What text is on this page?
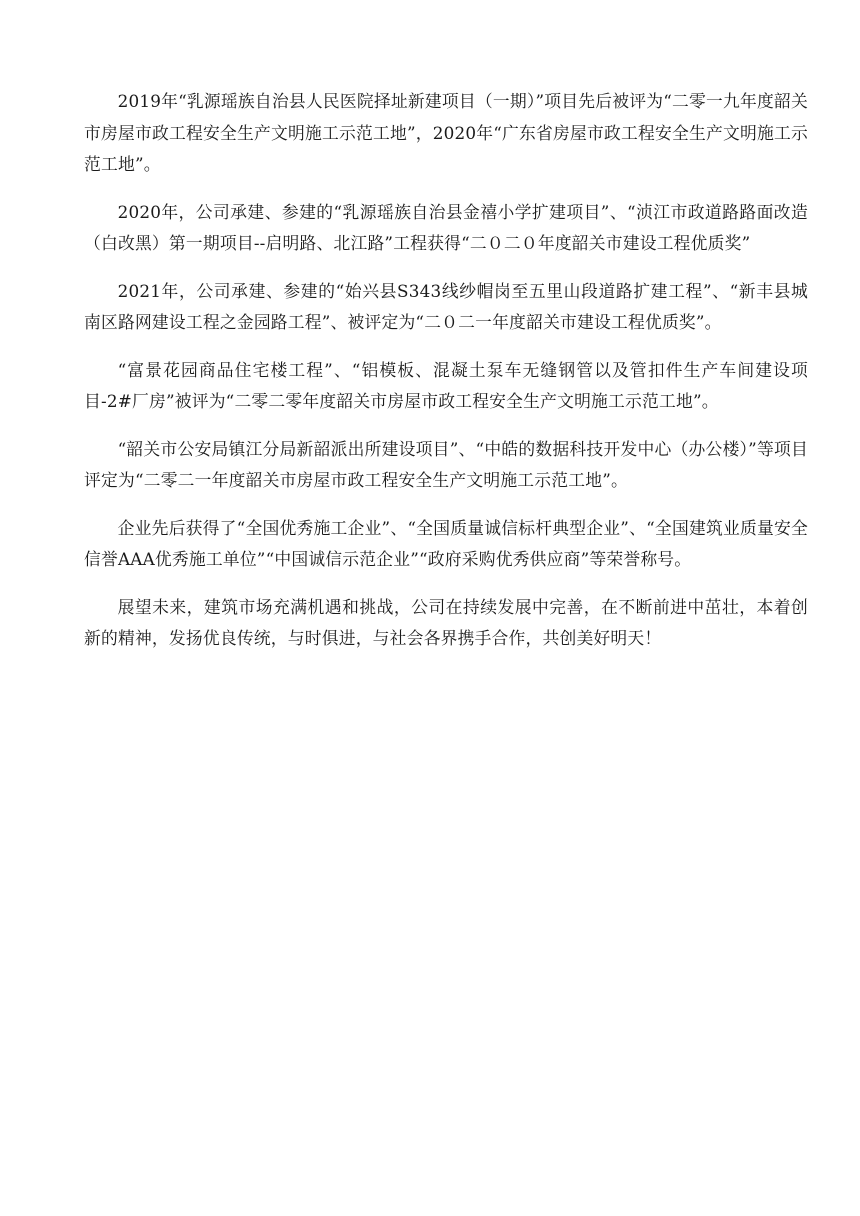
2019年“乳源瑶族自治县人民医院择址新建项目（一期）”项目先后被评为“二零一九年度韶关市房屋市政工程安全生产文明施工示范工地”，2020年“广东省房屋市政工程安全生产文明施工示范工地”。

2020年，公司承建、参建的“乳源瑶族自治县金禧小学扩建项目”、“浈江市政道路路面改造（白改黑）第一期项目--启明路、北江路”工程获得“二０二０年度韶关市建设工程优质奖”

2021年，公司承建、参建的“始兴县S343线纱帽岗至五里山段道路扩建工程”、“新丰县城南区路网建设工程之金园路工程”、被评定为“二０二一年度韶关市建设工程优质奖”。

“富景花园商品住宅楼工程”、“铝模板、混凝土泵车无缝钢管以及管扣件生产车间建设项目-2#厂房”被评为“二零二零年度韶关市房屋市政工程安全生产文明施工示范工地”。

“韶关市公安局镇江分局新韶派出所建设项目”、“中皓的数据科技开发中心（办公楼）”等项目评定为“二零二一年度韶关市房屋市政工程安全生产文明施工示范工地”。

企业先后获得了“全国优秀施工企业”、“全国质量诚信标杆典型企业”、“全国建筑业质量安全信誉AAA优秀施工单位”“中国诚信示范企业”“政府采购优秀供应商”等荣誉称号。

展望未来，建筑市场充满机遇和挑战，公司在持续发展中完善，在不断前进中茁壮，本着创新的精神，发扬优良传统，与时俱进，与社会各界携手合作，共创美好明天！
